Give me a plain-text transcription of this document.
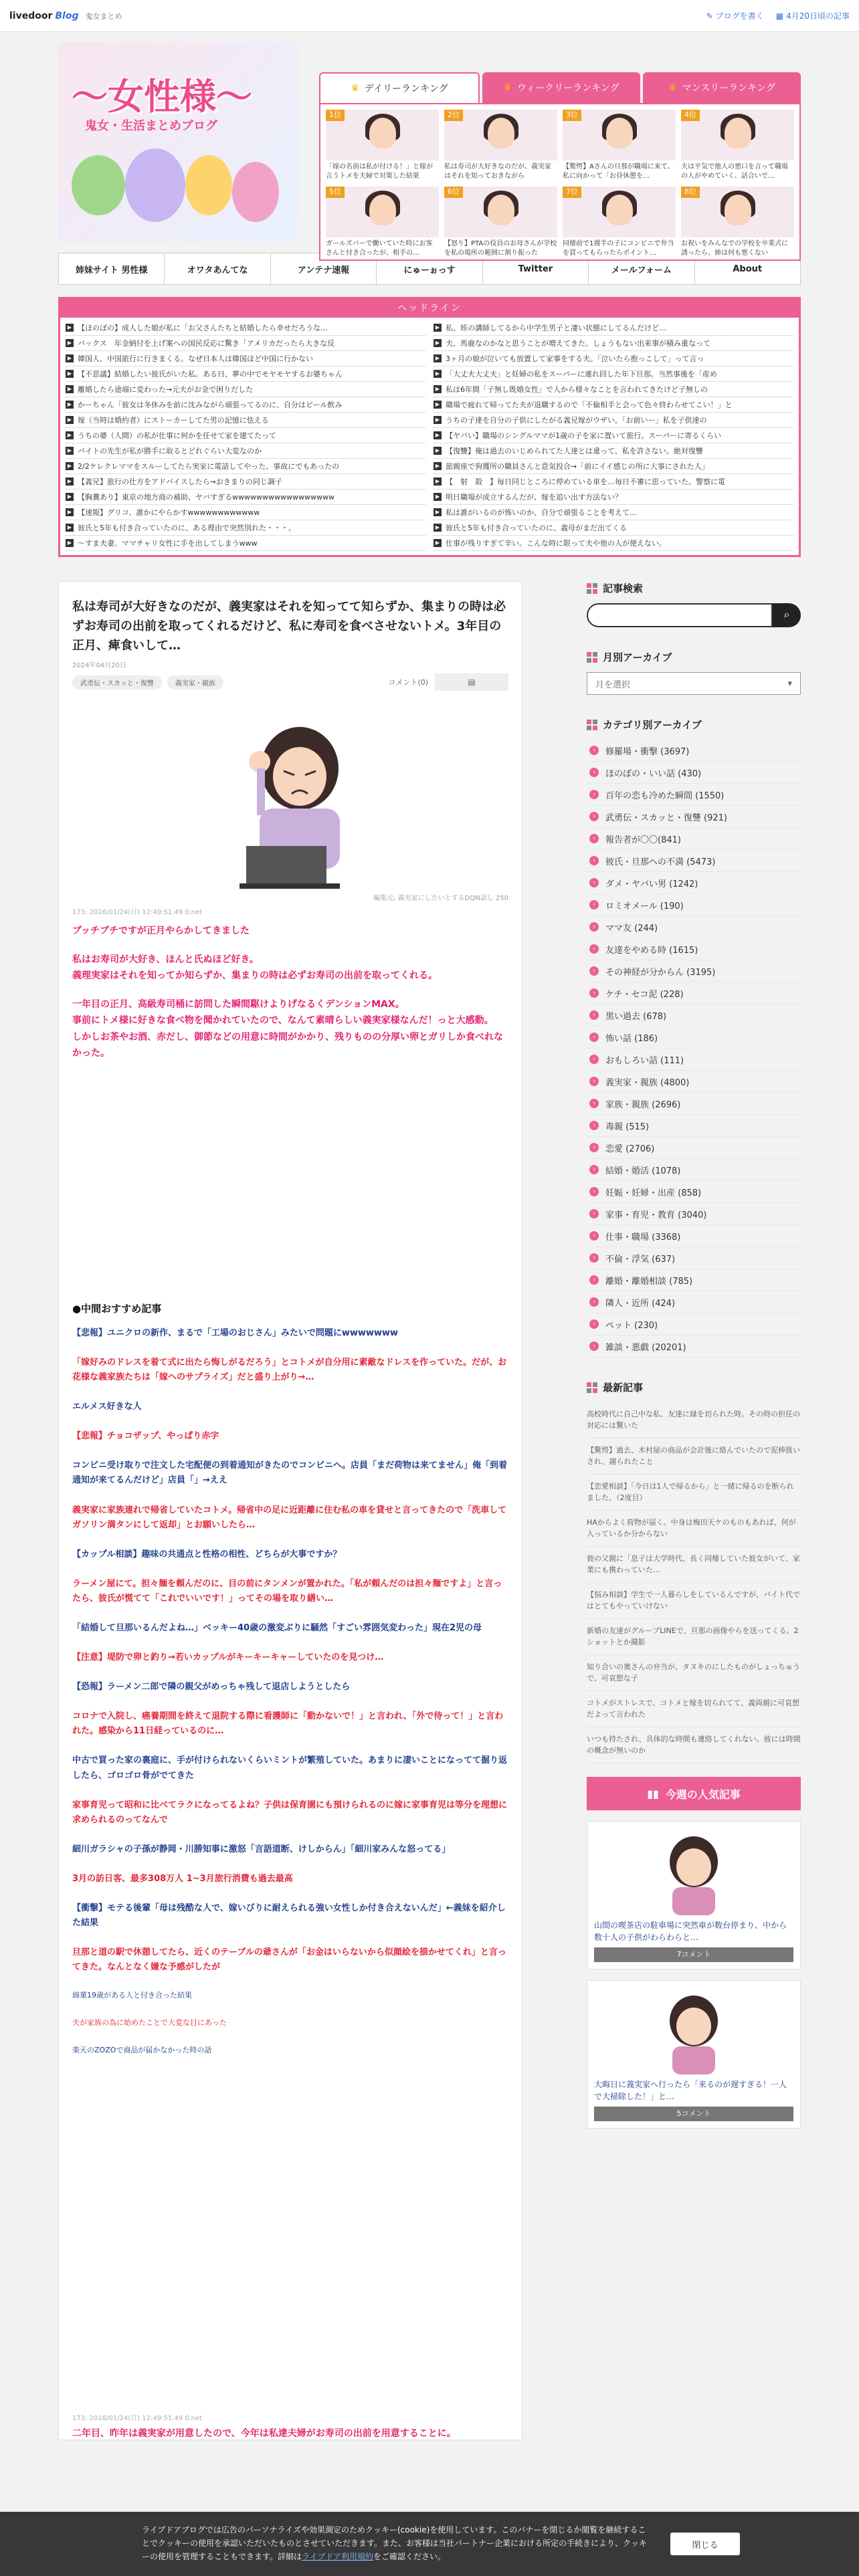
livedoor Blog 鬼女まとめ	✎ ブログを書く ▦ 4月20日頃の記事
〜女性様〜
鬼女・生活まとめブログ
♛ デイリーランキング	♛ ウィークリーランキング	♛ マンスリーランキング
1位

「嫁の名前は私が付ける！」と嫁が言うトメを夫婦で対策した結果

2位

私は寿司が大好きなのだが、義実家はそれを知っておきながら

3位

【驚愕】Aさんの旦那が職場に来て、私に向かって「お昼休憩を…

4位

夫は平気で他人の悪口を言って職場の人がやめていく、話合いで…

5位

ガールズバーで働いていた時にお客さんと付き合ったが、相手の…

6位

【怒り】PTAの役員のお母さんが学校を私の場所の範囲に割り振った

7位

同棲前で1週半の子にコンビニで弁当を買ってもらったらポイント…

8位

お祝いをみんなでの学校を卒業式に誘ったら、姉は何も悪くない

姉妹サイト 男性様	オワタあんてな	アンテナ速報	にゅーぉっす	Twitter	メールフォーム	About
ヘッドライン
▶ 【ほのぼの】成人した娘が私に「お父さんたちと結婚したら幸せだろうな…
▶ バックス　年金納付を上げ案への国民反応に驚き「アメリカだったら大きな反
▶ 韓国人、中国旅行に行きまくる。なぜ日本人は韓国ほど中国に行かない
▶ 【不思議】結婚したい彼氏がいた私。ある日、夢の中でモヤモヤするお婆ちゃん
▶ 離婚したら途端に変わった→元夫がお金で困りだした
▶ かーちゃん「彼女は冬休みを前に沈みながら頑張ってるのに、自分はビール飲み
▶ 嫁（当時は婚約者）にストーカーしてた男の記憶に怯える
▶ うちの婆（人間）の私が仕事に何かを任せて家を建てたって
▶ バイトの先生が私が勝手に取るとどれぐらい大変なのか
▶ 2/2ケレクレママをスルーしてたら実家に電話してやった。事故にでもあったの
▶ 【義兄】旅行の仕方をアドバイスしたら→おきまりの同じ調子
▶ 【胸糞あり】東京の地方商の補助、ヤバすぎるwwwwwwwwwwwwwwwww
▶ 【速報】グリコ、誰かにやらかすwwwwwwwwwwww
▶ 彼氏と5年も付き合っていたのに、ある理由で突然別れた・・・。
▶ 〜すま夫妻、ママチャリ女性に手を出してしまうwww
▶ 私、姪の講師してるから中学生男子と凄い状態にしてるんだけど…
▶ 夫、馬鹿なのかなと思うことが増えてきた。しょうもない出来事が積み重なって
▶ 3ヶ月の娘が泣いても放置して家事をする夫。「泣いたら抱っこして」って言っ
▶ 「大丈夫大丈夫」と妊婦の私をスーパーに連れ回した年下旦那。当然事後を「産め
▶ 私は6年間「子無し既婚女性」で人から様々なことを言われてきたけど子無しの
▶ 職場で疲れて帰ってた夫が退職するので「不倫相手と会って色々終わらせてこい！」と
▶ うちの子達を自分の子供にしたがる義兄嫁がウザい。「お前いー」私を子供達の
▶ 【ヤバい】職場のシングルママが1歳の子を家に置いて旅行。スーパーに寄るくらい
▶ 【復讐】俺は過去のいじめられてた人達とは違って、私を許さない。絶対復讐
▶ 旅親座で狗獲所の職員さんと意気投合→「前にイイ感じの所に大事にされた人」
▶ 【　射　殺　】毎日同じところに停めている車を…毎日不審に思っていた。警察に電
▶ 明日職場が成立するんだが、嫁を追い出す方法ない？
▶ 私は誰がいるのが怖いのか、自分で頑張ることを考えて…
▶ 彼氏と5年も付き合っていたのに、義母がまだ出てくる
▶ 仕事が残りすぎて辛い。こんな時に限って夫や他の人が使えない。
私は寿司が大好きなのだが、義実家はそれを知ってて知らずか、集まりの時は必ずお寿司の出前を取ってくれるだけど、私に寿司を食べさせないトメ。3年目の正月、痺食いして…
2024年04月20日
武勇伝・スカッと・復讐	義実家・親族	コメント(0)	▤
編集元: 義実家にしたいとするDQN話し 250
173: 2016/01/24(日) 12:49:51.49 0.net

ブッチブチですが正月やらかしてきました

私はお寿司が大好き、ほんと氏ぬほど好き。
義理実家はそれを知ってか知らずか、集まりの時は必ずお寿司の出前を取ってくれる。

一年目の正月、高級寿司桶に訪問した瞬間駆けよりげなるくデンションMAX。
事前にトメ様に好きな食べ物を聞かれていたので、なんて素晴らしい義実家様なんだ！っと大感動。
しかしお茶やお酒、赤だし、御節などの用意に時間がかかり、残りものの分厚い卵とガリしか食べれなかった。

●中間おすすめ記事
【悲報】ユニクロの新作、まるで「工場のおじさん」みたいで問題にwwwwwww
「嫁好みのドレスを着て式に出たら悔しがるだろう」とコトメが自分用に素敵なドレスを作っていた。だが、お花様な義家族たちは「嫁へのサプライズ」だと盛り上がり→…
エルメス好きな人
【悲報】チョコザップ、やっぱり赤字
コンビニ受け取りで注文した宅配便の到着通知がきたのでコンビニへ。店員「まだ荷物は来てません」俺「到着通知が来てるんだけど」店員「」→ええ
義実家に家族連れで帰省していたコトメ。帰省中の足に近距離に住む私の車を貸せと言ってきたので「洗車してガソリン満タンにして返却」とお願いしたら…
【カップル相談】趣味の共通点と性格の相性、どちらが大事ですか？
ラーメン屋にて。担々麺を頼んだのに、目の前にタンメンが置かれた。「私が頼んだのは担々麺ですよ」と言ったら、彼氏が慌てて「これでいいです！」ってその場を取り繕い…
「結婚して旦那いるんだよね…」ベッキー40歳の激変ぶりに騒然「すごい雰囲気変わった」現在2児の母
【注意】堤防で卵と釣り→若いカップルがキーキーキャーしていたのを見つけ…
【恐報】ラーメン二郎で隣の親父がめっちゃ残して退店しようとしたら
コロナで入院し、癌養期間を終えて退院する際に看護師に「動かないで！」と言われ、「外で待って！」と言われた。感染から11日経っているのに…
中古で買った家の裏庭に、手が付けられないくらいミントが繁殖していた。あまりに凄いことになってて掘り返したら、ゴロゴロ骨がでてきた
家事育児って昭和に比べてラクになってるよね？子供は保育園にも預けられるのに嫁に家事育児は等分を理想に求められるのってなんで
細川ガラシャの子孫が静岡・川勝知事に激怒「言語道断、けしからん」「細川家みんな怒ってる」
3月の訪日客、最多308万人 1~3月旅行消費も過去最高
【衝撃】モテる後輩「母は残酷な人で、嫁いびりに耐えられる強い女性しか付き合えないんだ」←義妹を紹介した結果
旦那と道の駅で休憩してたら、近くのテーブルの爺さんが「お金はいらないから似顔絵を描かせてくれ」と言ってきた。なんとなく嫌な予感がしたが
綿菓19歳がある人と付き合った結果
夫が家族の為に始めたことで大変な目にあった
楽天のZOZOで商品が届かなかった時の話
173: 2016/01/24(日) 12:49:51.49 0.net
二年目、昨年は義実家が用意したので、今年は私達夫婦がお寿司の出前を用意することに。
記事検索
⌕
月別アーカイブ
月を選択	▾
カテゴリ別アーカイブ
›	修羅場・衝撃 (3697)
›	ほのぼの・いい話 (430)
›	百年の恋も冷めた瞬間 (1550)
›	武勇伝・スカッと・復讐 (921)
›	報告者が〇〇(841)
›	彼氏・旦那への不満 (5473)
›	ダメ・ヤバい男 (1242)
›	ロミオメール (190)
›	ママ友 (244)
›	友達をやめる時 (1615)
›	その神経が分からん (3195)
›	ケチ・セコ泥 (228)
›	黒い過去 (678)
›	怖い話 (186)
›	おもしろい話 (111)
›	義実家・親族 (4800)
›	家族・親族 (2696)
›	毒親 (515)
›	恋愛 (2706)
›	結婚・婚活 (1078)
›	妊娠・妊婦・出産 (858)
›	家事・育児・教育 (3040)
›	仕事・職場 (3368)
›	不倫・浮気 (637)
›	離婚・離婚相談 (785)
›	隣人・近所 (424)
›	ペット (230)
›	雑談・悪戯 (20201)
最新記事

高校時代に自己中な私、友達に縁を切られた時。その時の担任の対応には驚いた

【驚愕】過去、木村屋の商品が会計後に絡んでいたので泥棒扱いされ、謝られたこと

【恋愛相談】「今日は1人で帰るから」と一緒に帰るのを断られました。（2度目）

HAからよく荷物が届く。中身は梅田天ケのものもあれば、何が入っているか分からない

彼の父親に「息子は大学時代、長く同棲していた彼女がいて、家業にも携わっていた…

【悩み相談】学生で一人暮らしをしているんですが、バイト代ではとてもやっていけない

新婚の友達がグループLINEで、旦那の画像やらを送ってくる。2ショットとか撮影

知り合いの奥さんの弁当が、タヌキのにしたものがしょっちゅうで、可哀想な子

コトメがストレスで、コトメと嫁を切られてて、義両親に可哀想だよって言われた

いつも持たされ、具体的な時間も連絡してくれない。彼には時間の概念が無いのか

▮▮ 今週の人気記事
山間の喫茶店の駐車場に突然車が数台停まり、中から数十人の子供がわらわらと…
7コメント
大晦日に義実家へ行ったら「来るのが遅すぎる！一人で大掃除した！」と…
5コメント
ライブドアブログでは広告のパーソナライズや効果測定のためクッキー(cookie)を使用しています。このバナーを閉じるか閲覧を継続することでクッキーの使用を承認いただいたものとさせていただきます。また、お客様は当社パートナー企業における所定の手続きにより、クッキーの使用を管理することもできます。詳細はライブドア利用規約をご確認ください。
閉じる
